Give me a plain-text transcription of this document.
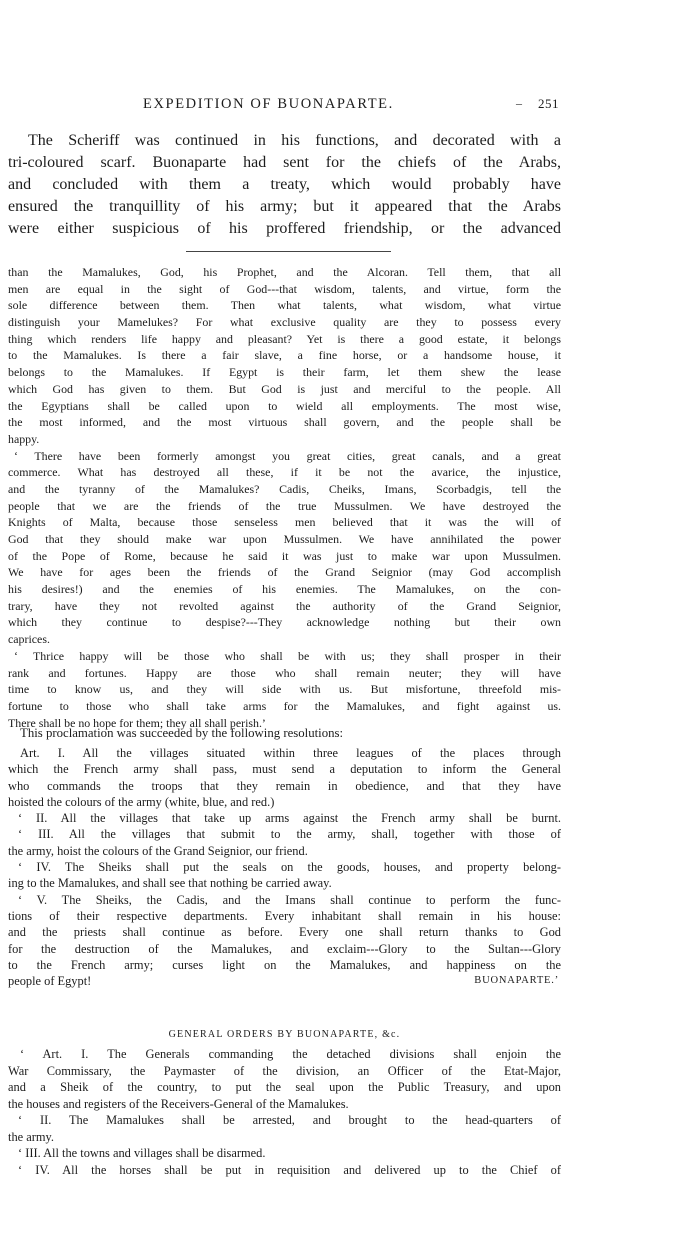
EXPEDITION OF BUONAPARTE.	– 251
The Scheriff was continued in his functions, and decorated with a
tri-coloured scarf. Buonaparte had sent for the chiefs of the Arabs,
and concluded with them a treaty, which would probably have
ensured the tranquillity of his army; but it appeared that the Arabs
were either suspicious of his proffered friendship, or the advanced
than the Mamalukes, God, his Prophet, and the Alcoran. Tell them, that all
men are equal in the sight of God---that wisdom, talents, and virtue, form the
sole difference between them. Then what talents, what wisdom, what virtue
distinguish your Mamelukes? For what exclusive quality are they to possess every
thing which renders life happy and pleasant? Yet is there a good estate, it belongs
to the Mamalukes. Is there a fair slave, a fine horse, or a handsome house, it
belongs to the Mamalukes. If Egypt is their farm, let them shew the lease
which God has given to them. But God is just and merciful to the people. All
the Egyptians shall be called upon to wield all employments. The most wise,
the most informed, and the most virtuous shall govern, and the people shall be
happy.
‘ There have been formerly amongst you great cities, great canals, and a great
commerce. What has destroyed all these, if it be not the avarice, the injustice,
and the tyranny of the Mamalukes? Cadis, Cheiks, Imans, Scorbadgis, tell the
people that we are the friends of the true Mussulmen. We have destroyed the
Knights of Malta, because those senseless men believed that it was the will of
God that they should make war upon Mussulmen. We have annihilated the power
of the Pope of Rome, because he said it was just to make war upon Mussulmen.
We have for ages been the friends of the Grand Seignior (may God accomplish
his desires!) and the enemies of his enemies. The Mamalukes, on the con-
trary, have they not revolted against the authority of the Grand Seignior,
which they continue to despise?---They acknowledge nothing but their own
caprices.
‘ Thrice happy will be those who shall be with us; they shall prosper in their
rank and fortunes. Happy are those who shall remain neuter; they will have
time to know us, and they will side with us. But misfortune, threefold mis-
fortune to those who shall take arms for the Mamalukes, and fight against us.
There shall be no hope for them; they all shall perish.’
This proclamation was succeeded by the following resolutions:
Art. I. All the villages situated within three leagues of the places through
which the French army shall pass, must send a deputation to inform the General
who commands the troops that they remain in obedience, and that they have
hoisted the colours of the army (white, blue, and red.)
‘ II. All the villages that take up arms against the French army shall be burnt.
‘ III. All the villages that submit to the army, shall, together with those of
the army, hoist the colours of the Grand Seignior, our friend.
‘ IV. The Sheiks shall put the seals on the goods, houses, and property belong-
ing to the Mamalukes, and shall see that nothing be carried away.
‘ V. The Sheiks, the Cadis, and the Imans shall continue to perform the func-
tions of their respective departments. Every inhabitant shall remain in his house:
and the priests shall continue as before. Every one shall return thanks to God
for the destruction of the Mamalukes, and exclaim---Glory to the Sultan---Glory
to the French army; curses light on the Mamalukes, and happiness on the
people of Egypt!	BUONAPARTE.’
GENERAL ORDERS BY BUONAPARTE, &c.
‘ Art. I. The Generals commanding the detached divisions shall enjoin the
War Commissary, the Paymaster of the division, an Officer of the Etat-Major,
and a Sheik of the country, to put the seal upon the Public Treasury, and upon
the houses and registers of the Receivers-General of the Mamalukes.
‘ II. The Mamalukes shall be arrested, and brought to the head-quarters of
the army.
‘ III. All the towns and villages shall be disarmed.
‘ IV. All the horses shall be put in requisition and delivered up to the Chief of
